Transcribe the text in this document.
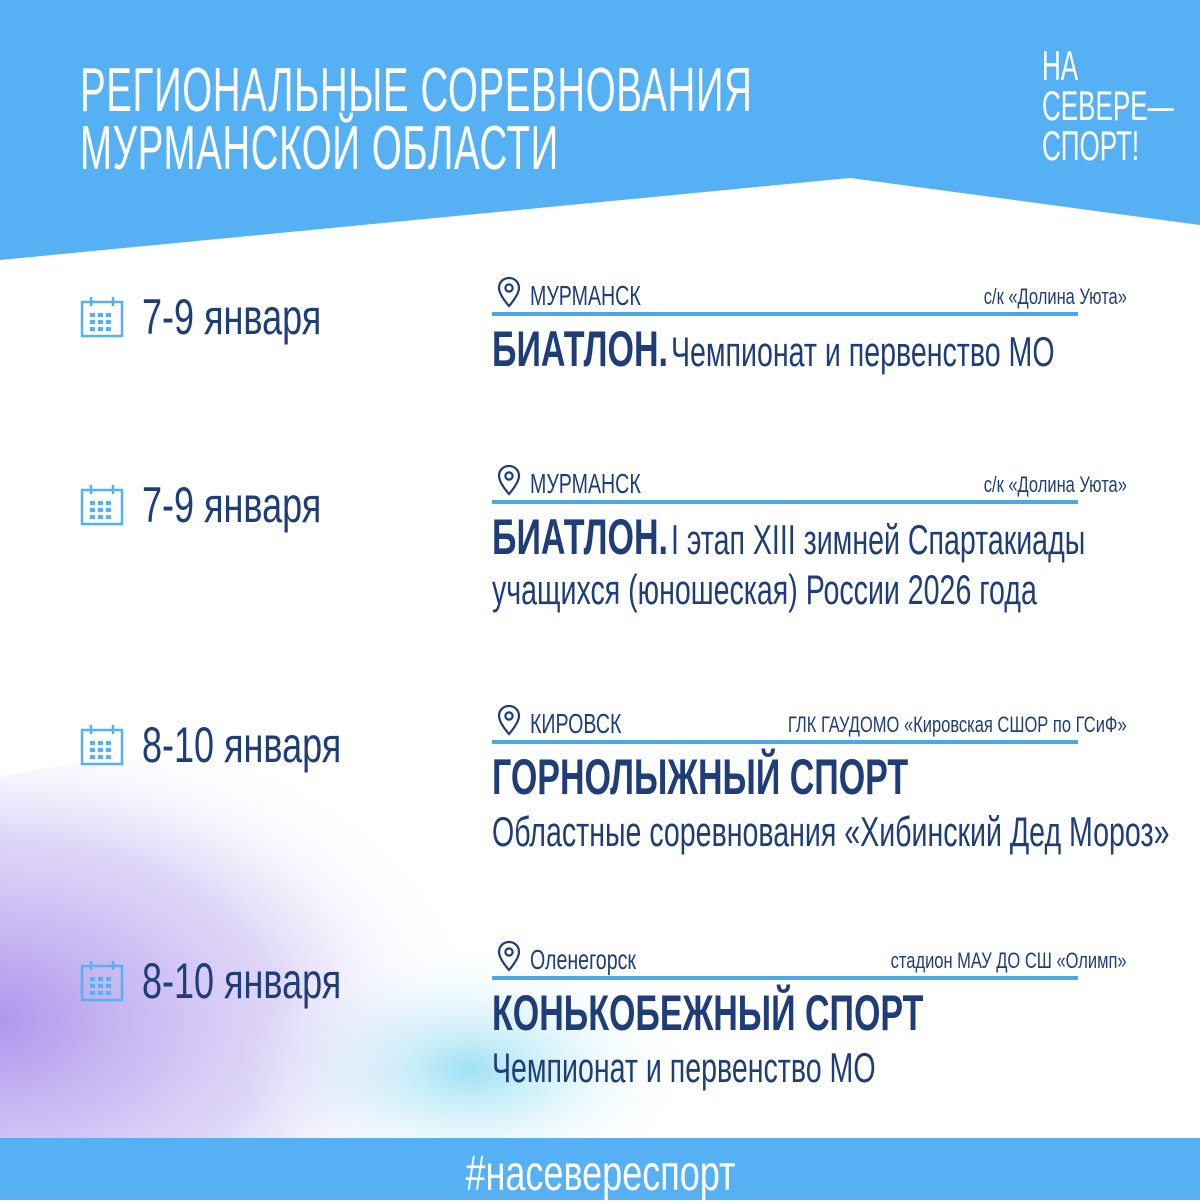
РЕГИОНАЛЬНЫЕ СОРЕВНОВАНИЯ
МУРМАНСКОЙ ОБЛАСТИ
НА
СЕВЕРЕ—
СПОРТ!
7-9 января	МУРМАНСК	с/к «Долина Уюта»
БИАТЛОН. Чемпионат и первенство МО
7-9 января	МУРМАНСК	с/к «Долина Уюта»
БИАТЛОН. I этап XIII зимней Спартакиады
учащихся (юношеская) России 2026 года
8-10 января	КИРОВСК	ГЛК ГАУДОМО «Кировская СШОР по ГСиФ»
ГОРНОЛЫЖНЫЙ СПОРТ
Областные соревнования «Хибинский Дед Мороз»
8-10 января	Оленегорск	стадион МАУ ДО СШ «Олимп»
КОНЬКОБЕЖНЫЙ СПОРТ
Чемпионат и первенство МО
#насевереспорт
